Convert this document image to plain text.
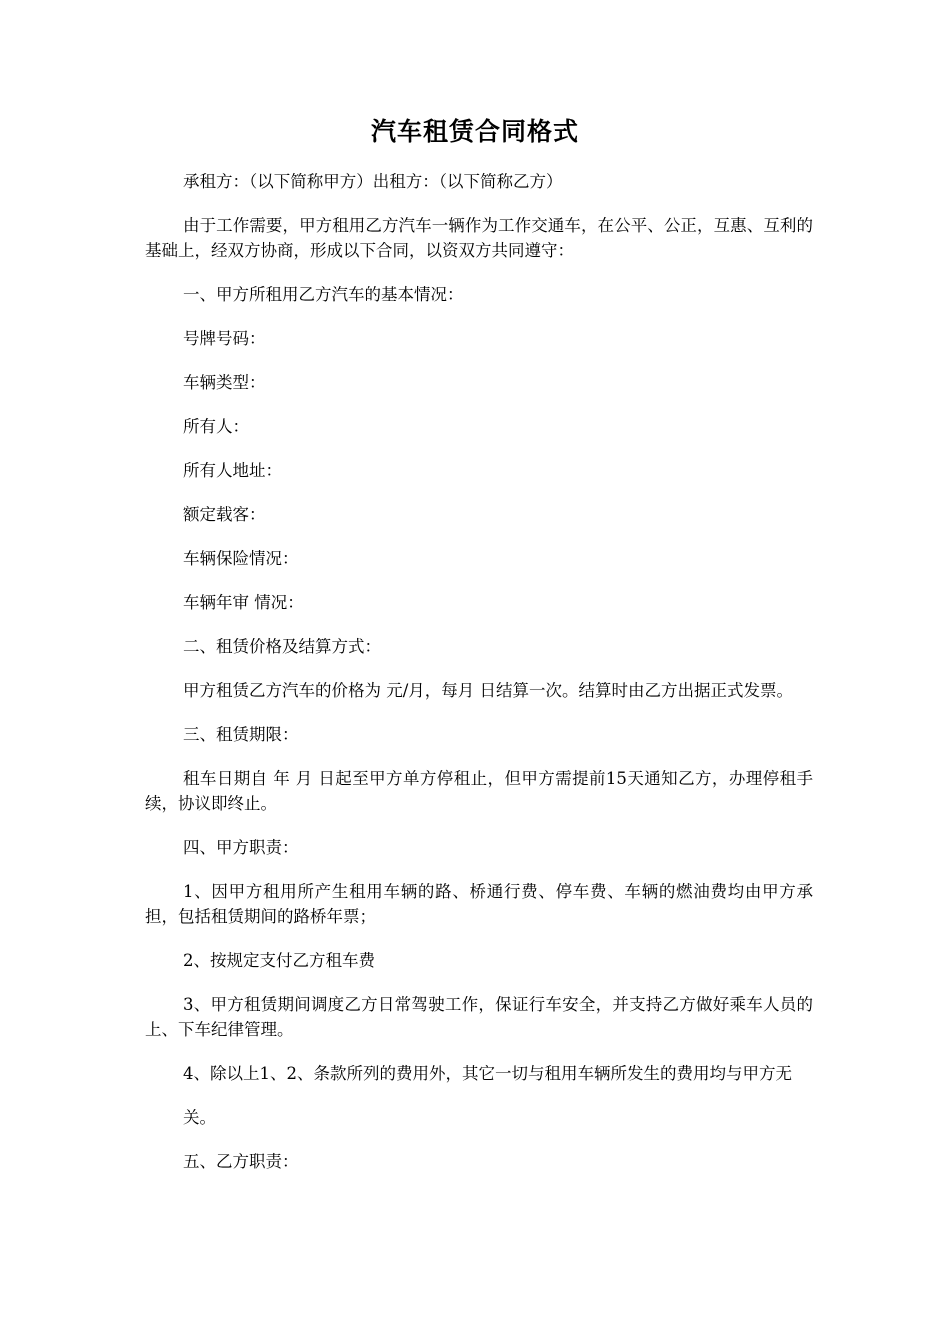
汽车租赁合同格式

承租方：（以下简称甲方）出租方：（以下简称乙方）

由于工作需要，甲方租用乙方汽车一辆作为工作交通车，在公平、公正，互惠、互利的基础上，经双方协商，形成以下合同，以资双方共同遵守：

一、甲方所租用乙方汽车的基本情况：

号牌号码：

车辆类型：

所有人：

所有人地址：

额定载客：

车辆保险情况：

车辆年审 情况：

二、租赁价格及结算方式：

甲方租赁乙方汽车的价格为 元/月，每月 日结算一次。结算时由乙方出据正式发票。

三、租赁期限：

租车日期自 年 月 日起至甲方单方停租止，但甲方需提前15天通知乙方，办理停租手续，协议即终止。

四、甲方职责：

1、因甲方租用所产生租用车辆的路、桥通行费、停车费、车辆的燃油费均由甲方承担，包括租赁期间的路桥年票；

2、按规定支付乙方租车费

3、甲方租赁期间调度乙方日常驾驶工作，保证行车安全，并支持乙方做好乘车人员的上、下车纪律管理。

4、除以上1、2、条款所列的费用外，其它一切与租用车辆所发生的费用均与甲方无

关。

五、乙方职责：
